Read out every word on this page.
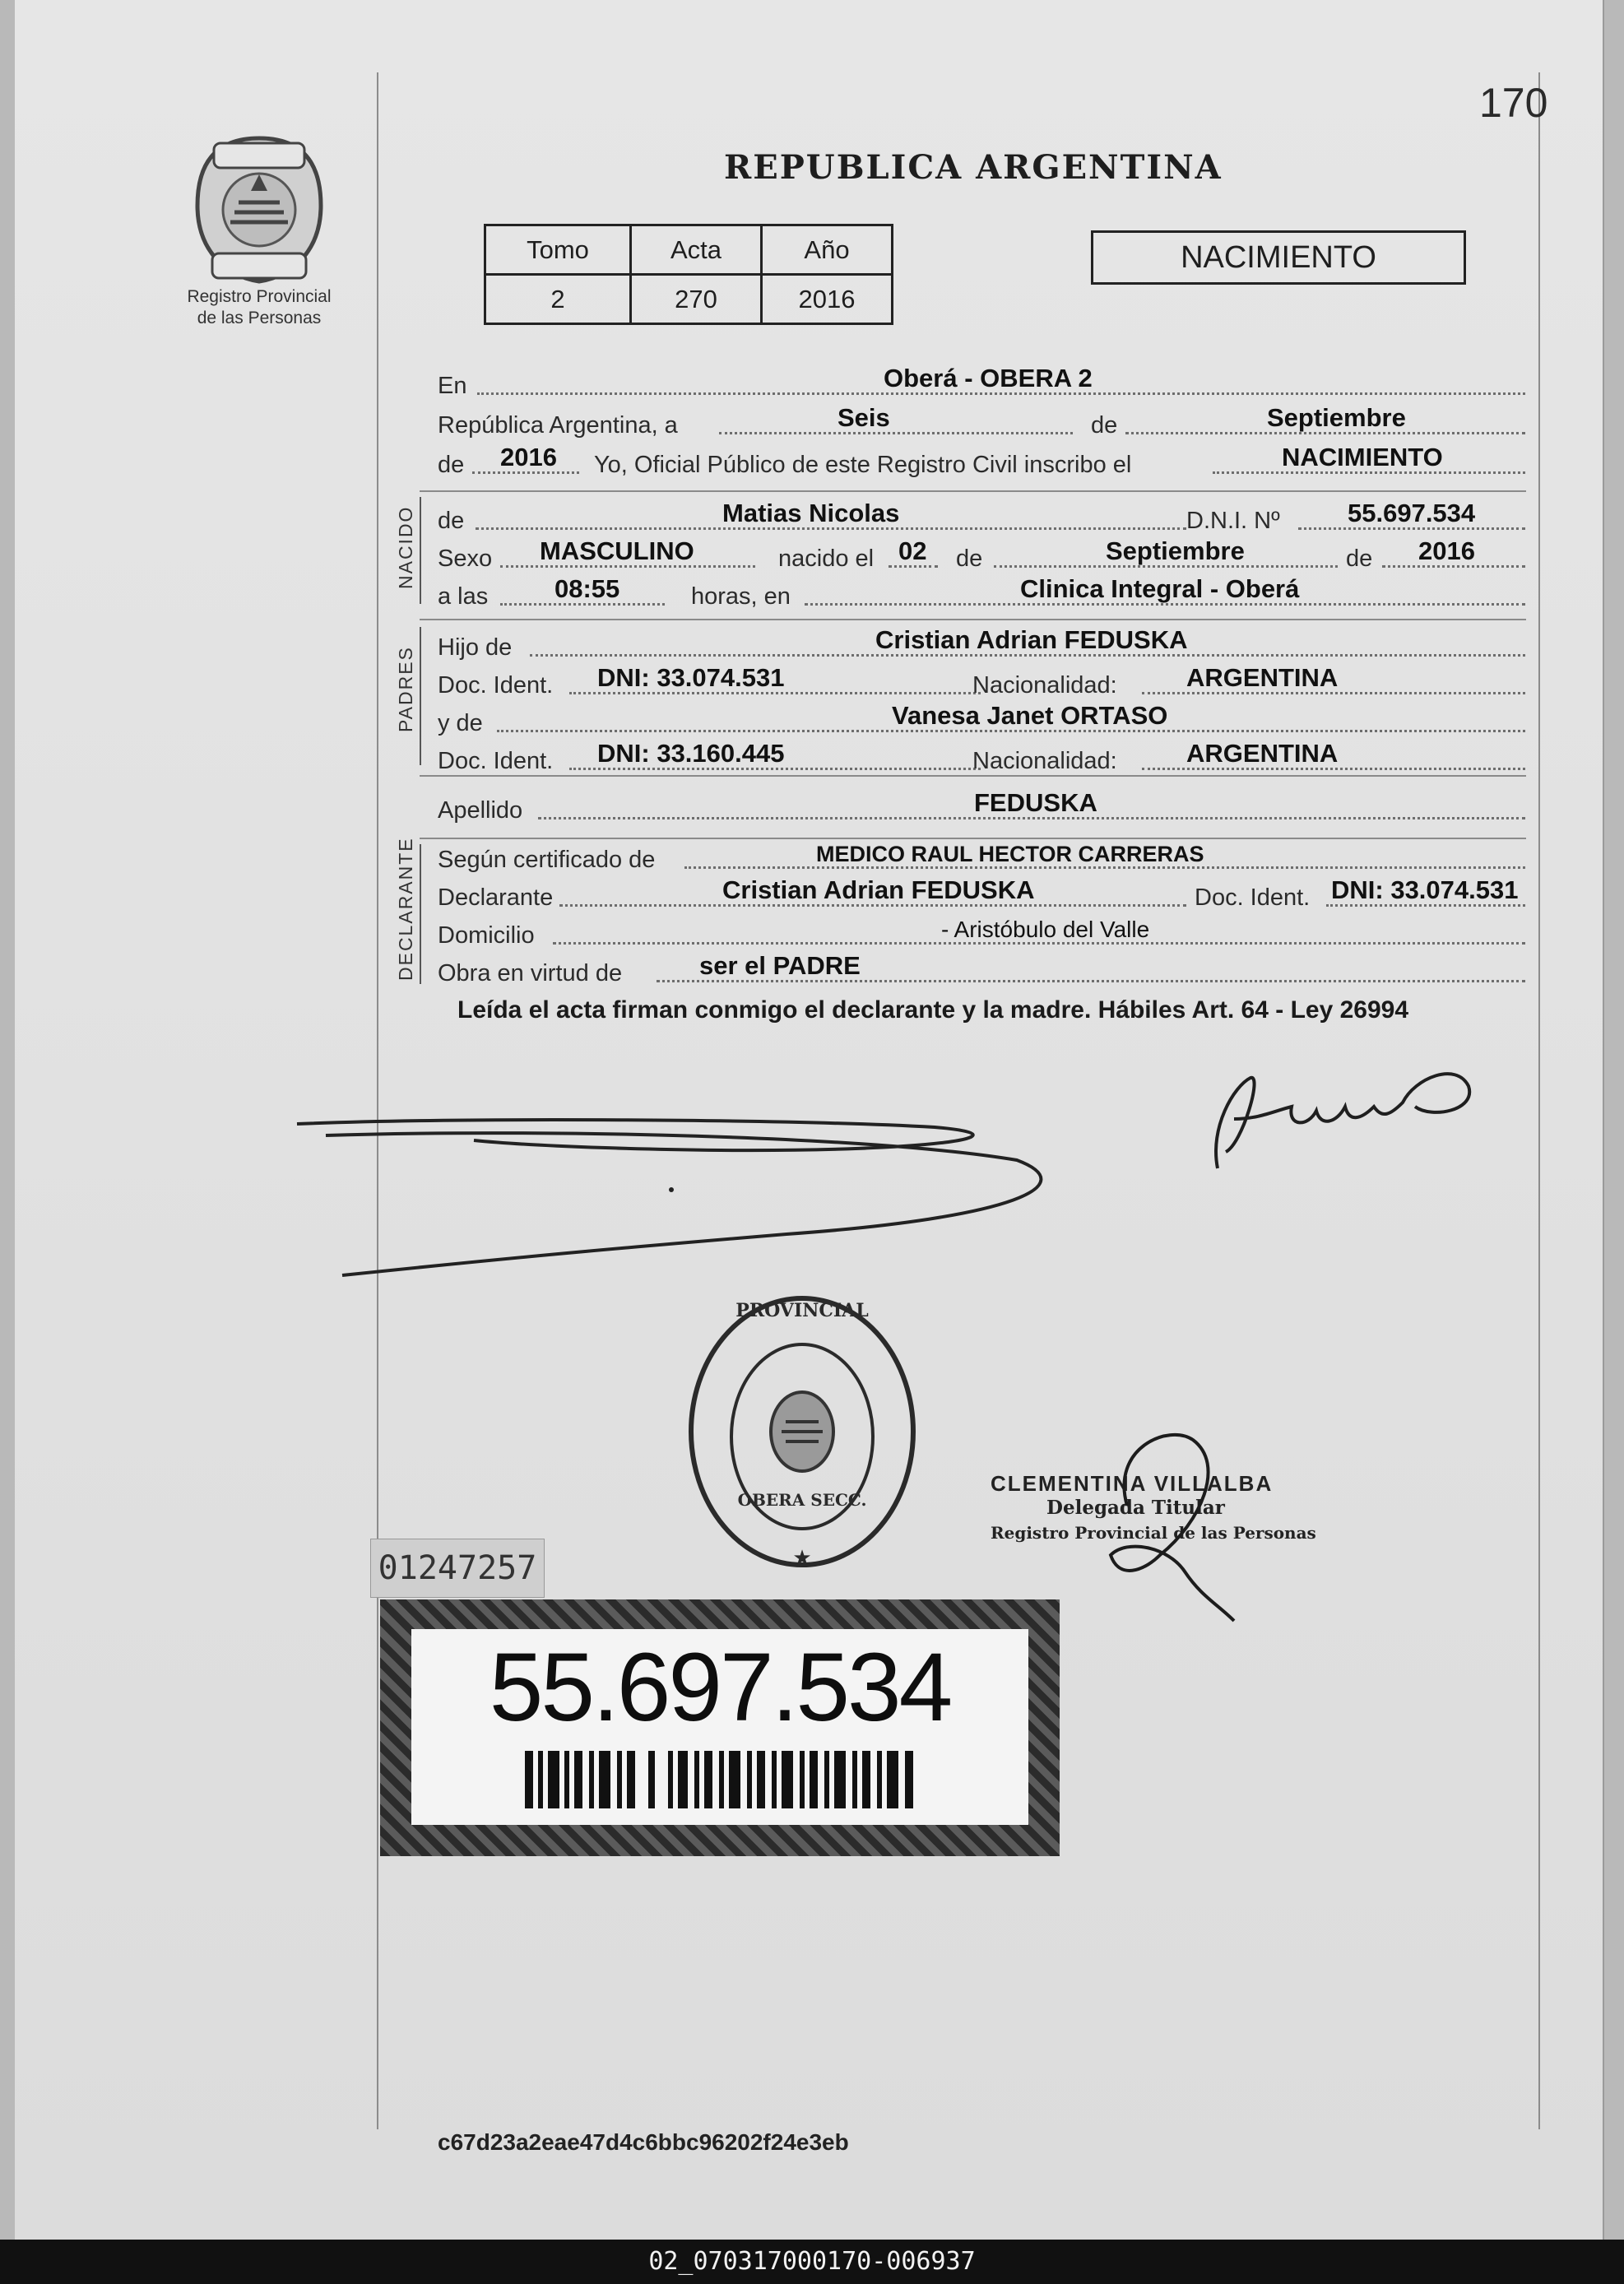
170
Registro Provincial
de las Personas
REPUBLICA ARGENTINA
Tomo	Acta	Año
2	270	2016
NACIMIENTO
En	Oberá - OBERA 2
República Argentina, a	Seis	de	Septiembre
de 2016 Yo, Oficial Público de este Registro Civil inscribo el	NACIMIENTO
NACIDO de	Matias Nicolas	D.N.I. Nº	55.697.534
Sexo MASCULINO	nacido el 02 de	Septiembre	de 2016
a las	08:55	horas, en	Clinica Integral - Oberá
PADRES Hijo de	Cristian Adrian FEDUSKA
Doc. Ident. DNI: 33.074.531	Nacionalidad:	ARGENTINA
y de	Vanesa Janet ORTASO
Doc. Ident. DNI: 33.160.445	Nacionalidad:	ARGENTINA
Apellido	FEDUSKA
DECLARANTE Según certificado de	MEDICO RAUL HECTOR CARRERAS
Declarante	Cristian Adrian FEDUSKA	Doc. Ident. DNI: 33.074.531
Domicilio	- Aristóbulo del Valle
Obra en virtud de	ser el PADRE
Leída el acta firman conmigo el declarante y la madre. Hábiles Art. 64 - Ley 26994
PROVINCIAL
OBERA SECC.
★
CLEMENTINA VILLALBA
Delegada Titular
Registro Provincial de las Personas
01247257
55.697.534
c67d23a2eae47d4c6bbc96202f24e3eb
02_070317000170-006937
